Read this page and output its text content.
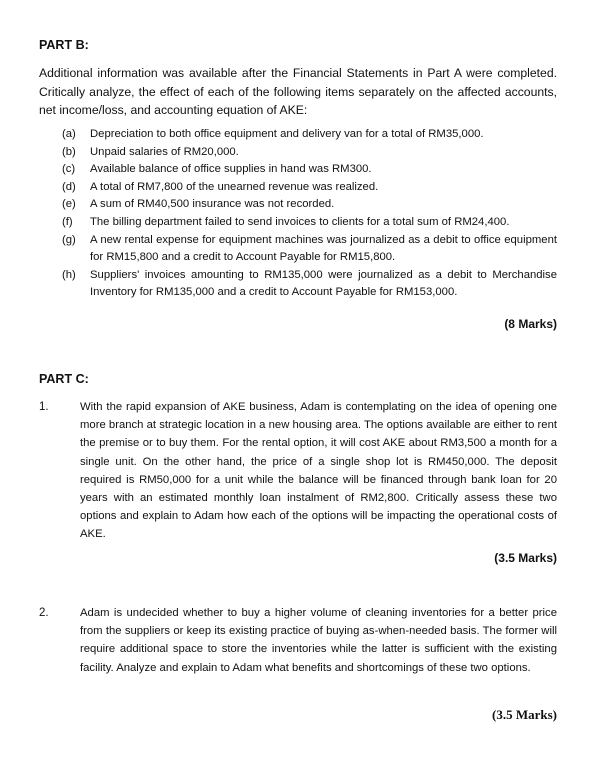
PART B:
Additional information was available after the Financial Statements in Part A were completed. Critically analyze, the effect of each of the following items separately on the affected accounts, net income/loss, and accounting equation of AKE:
(a)	Depreciation to both office equipment and delivery van for a total of RM35,000.
(b)	Unpaid salaries of RM20,000.
(c)	Available balance of office supplies in hand was RM300.
(d)	A total of RM7,800 of the unearned revenue was realized.
(e)	A sum of RM40,500 insurance was not recorded.
(f)	The billing department failed to send invoices to clients for a total sum of RM24,400.
(g)	A new rental expense for equipment machines was journalized as a debit to office equipment for RM15,800 and a credit to Account Payable for RM15,800.
(h)	Suppliers' invoices amounting to RM135,000 were journalized as a debit to Merchandise Inventory for RM135,000 and a credit to Account Payable for RM153,000.
(8 Marks)
PART C:
1.	With the rapid expansion of AKE business, Adam is contemplating on the idea of opening one more branch at strategic location in a new housing area. The options available are either to rent the premise or to buy them. For the rental option, it will cost AKE about RM3,500 a month for a single unit. On the other hand, the price of a single shop lot is RM450,000. The deposit required is RM50,000 for a unit while the balance will be financed through bank loan for 20 years with an estimated monthly loan instalment of RM2,800. Critically assess these two options and explain to Adam how each of the options will be impacting the operational costs of AKE.
(3.5 Marks)
2.	Adam is undecided whether to buy a higher volume of cleaning inventories for a better price from the suppliers or keep its existing practice of buying as-when-needed basis. The former will require additional space to store the inventories while the latter is sufficient with the existing facility. Analyze and explain to Adam what benefits and shortcomings of these two options.
(3.5 Marks)
